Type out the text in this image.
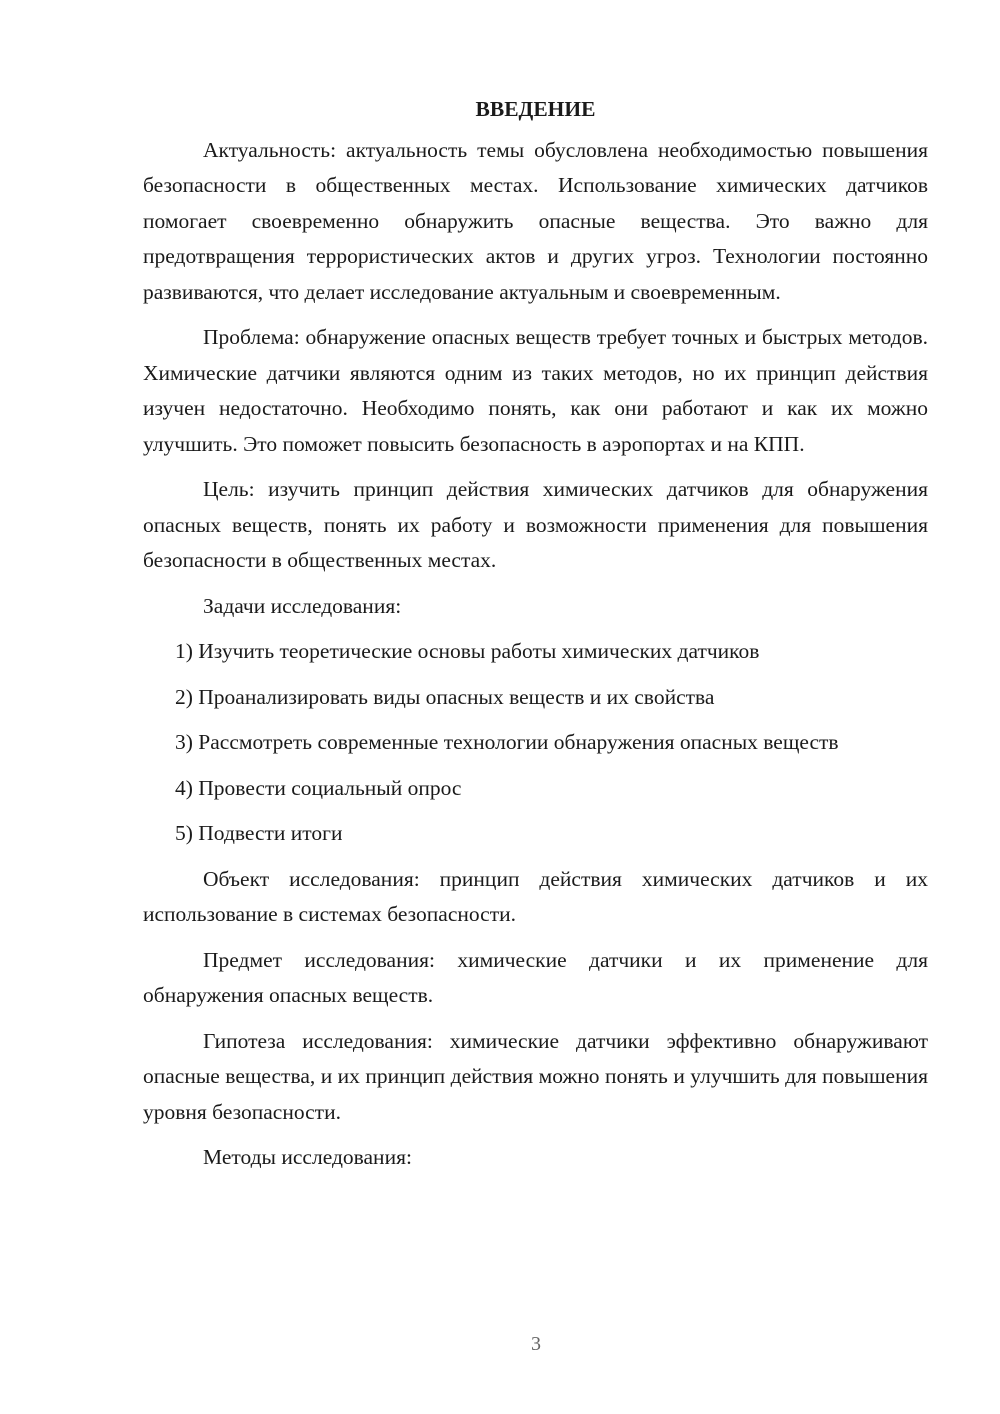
ВВЕДЕНИЕ

Актуальность: актуальность темы обусловлена необходимостью повышения безопасности в общественных местах. Использование химических датчиков помогает своевременно обнаружить опасные вещества. Это важно для предотвращения террористических актов и других угроз. Технологии постоянно развиваются, что делает исследование актуальным и своевременным.

Проблема: обнаружение опасных веществ требует точных и быстрых методов. Химические датчики являются одним из таких методов, но их принцип действия изучен недостаточно. Необходимо понять, как они работают и как их можно улучшить. Это поможет повысить безопасность в аэропортах и на КПП.

Цель: изучить принцип действия химических датчиков для обнаружения опасных веществ, понять их работу и возможности применения для повышения безопасности в общественных местах.

Задачи исследования:

1) Изучить теоретические основы работы химических датчиков

2) Проанализировать виды опасных веществ и их свойства

3) Рассмотреть современные технологии обнаружения опасных веществ

4) Провести социальный опрос

5) Подвести итоги

Объект исследования: принцип действия химических датчиков и их использование в системах безопасности.

Предмет исследования: химические датчики и их применение для обнаружения опасных веществ.

Гипотеза исследования: химические датчики эффективно обнаруживают опасные вещества, и их принцип действия можно понять и улучшить для повышения уровня безопасности.

Методы исследования:

3
